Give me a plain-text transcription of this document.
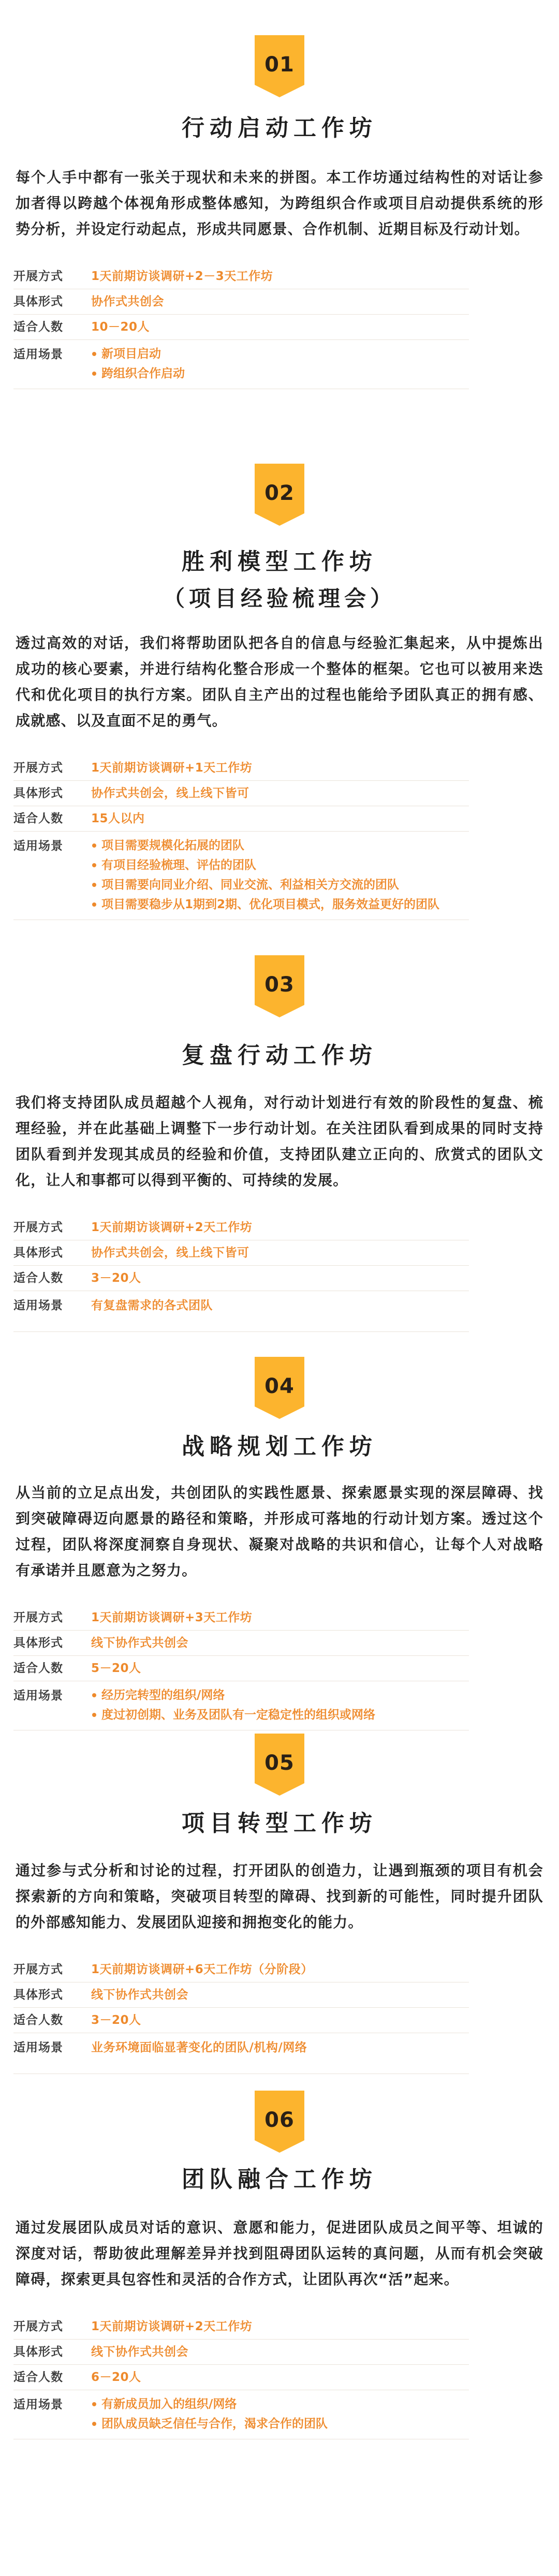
01
行动启动工作坊

每个人手中都有一张关于现状和未来的拼图。本工作坊通过结构性的对话让参加者得以跨越个体视角形成整体感知，为跨组织合作或项目启动提供系统的形势分析，并设定行动起点，形成共同愿景、合作机制、近期目标及行动计划。

开展方式	1天前期访谈调研+2－3天工作坊
具体形式	协作式共创会
适合人数	10－20人
适用场景	新项目启动
跨组织合作启动
02
胜利模型工作坊

（项目经验梳理会）

透过高效的对话，我们将帮助团队把各自的信息与经验汇集起来，从中提炼出成功的核心要素，并进行结构化整合形成一个整体的框架。它也可以被用来迭代和优化项目的执行方案。团队自主产出的过程也能给予团队真正的拥有感、成就感、以及直面不足的勇气。

开展方式	1天前期访谈调研+1天工作坊
具体形式	协作式共创会，线上线下皆可
适合人数	15人以内
适用场景	项目需要规模化拓展的团队
有项目经验梳理、评估的团队
项目需要向同业介绍、同业交流、利益相关方交流的团队
项目需要稳步从1期到2期、优化项目模式，服务效益更好的团队
03
复盘行动工作坊

我们将支持团队成员超越个人视角，对行动计划进行有效的阶段性的复盘、梳理经验，并在此基础上调整下一步行动计划。在关注团队看到成果的同时支持团队看到并发现其成员的经验和价值，支持团队建立正向的、欣赏式的团队文化，让人和事都可以得到平衡的、可持续的发展。

开展方式	1天前期访谈调研+2天工作坊
具体形式	协作式共创会，线上线下皆可
适合人数	3－20人
适用场景	有复盘需求的各式团队
04
战略规划工作坊

从当前的立足点出发，共创团队的实践性愿景、探索愿景实现的深层障碍、找到突破障碍迈向愿景的路径和策略，并形成可落地的行动计划方案。透过这个过程，团队将深度洞察自身现状、凝聚对战略的共识和信心，让每个人对战略有承诺并且愿意为之努力。

开展方式	1天前期访谈调研+3天工作坊
具体形式	线下协作式共创会
适合人数	5－20人
适用场景	经历完转型的组织/网络
度过初创期、业务及团队有一定稳定性的组织或网络
05
项目转型工作坊

通过参与式分析和讨论的过程，打开团队的创造力，让遇到瓶颈的项目有机会探索新的方向和策略，突破项目转型的障碍、找到新的可能性，同时提升团队的外部感知能力、发展团队迎接和拥抱变化的能力。

开展方式	1天前期访谈调研+6天工作坊（分阶段）
具体形式	线下协作式共创会
适合人数	3－20人
适用场景	业务环境面临显著变化的团队/机构/网络
06
团队融合工作坊

通过发展团队成员对话的意识、意愿和能力，促进团队成员之间平等、坦诚的深度对话，帮助彼此理解差异并找到阻碍团队运转的真问题，从而有机会突破障碍，探索更具包容性和灵活的合作方式，让团队再次“活”起来。

开展方式	1天前期访谈调研+2天工作坊
具体形式	线下协作式共创会
适合人数	6－20人
适用场景	有新成员加入的组织/网络
团队成员缺乏信任与合作，渴求合作的团队
